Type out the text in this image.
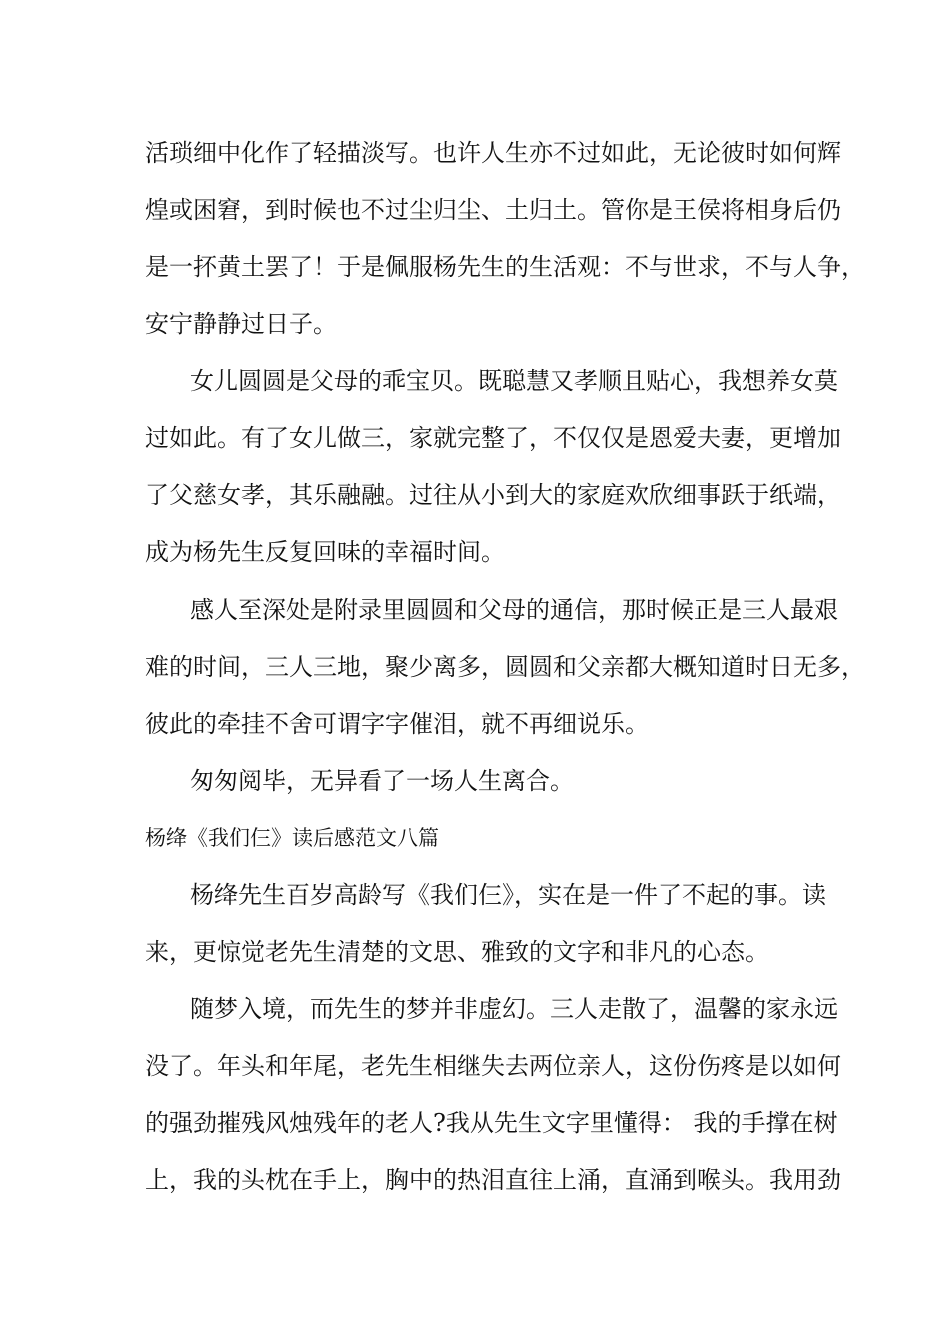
活琐细中化作了轻描淡写。也许人生亦不过如此，无论彼时如何辉
煌或困窘，到时候也不过尘归尘、土归土。管你是王侯将相身后仍
是一抔黄土罢了！于是佩服杨先生的生活观：不与世求，不与人争，
安宁静静过日子。
女儿圆圆是父母的乖宝贝。既聪慧又孝顺且贴心，我想养女莫
过如此。有了女儿做三，家就完整了，不仅仅是恩爱夫妻，更增加
了父慈女孝，其乐融融。过往从小到大的家庭欢欣细事跃于纸端，
成为杨先生反复回味的幸福时间。
感人至深处是附录里圆圆和父母的通信，那时候正是三人最艰
难的时间，三人三地，聚少离多，圆圆和父亲都大概知道时日无多，
彼此的牵挂不舍可谓字字催泪，就不再细说乐。
匆匆阅毕，无异看了一场人生离合。
杨绛《我们仨》读后感范文八篇
杨绛先生百岁高龄写《我们仨》，实在是一件了不起的事。读
来，更惊觉老先生清楚的文思、雅致的文字和非凡的心态。
随梦入境，而先生的梦并非虚幻。三人走散了，温馨的家永远
没了。年头和年尾，老先生相继失去两位亲人，这份伤疼是以如何
的强劲摧残风烛残年的老人?我从先生文字里懂得： 我的手撑在树
上，我的头枕在手上，胸中的热泪直往上涌，直涌到喉头。我用劲
